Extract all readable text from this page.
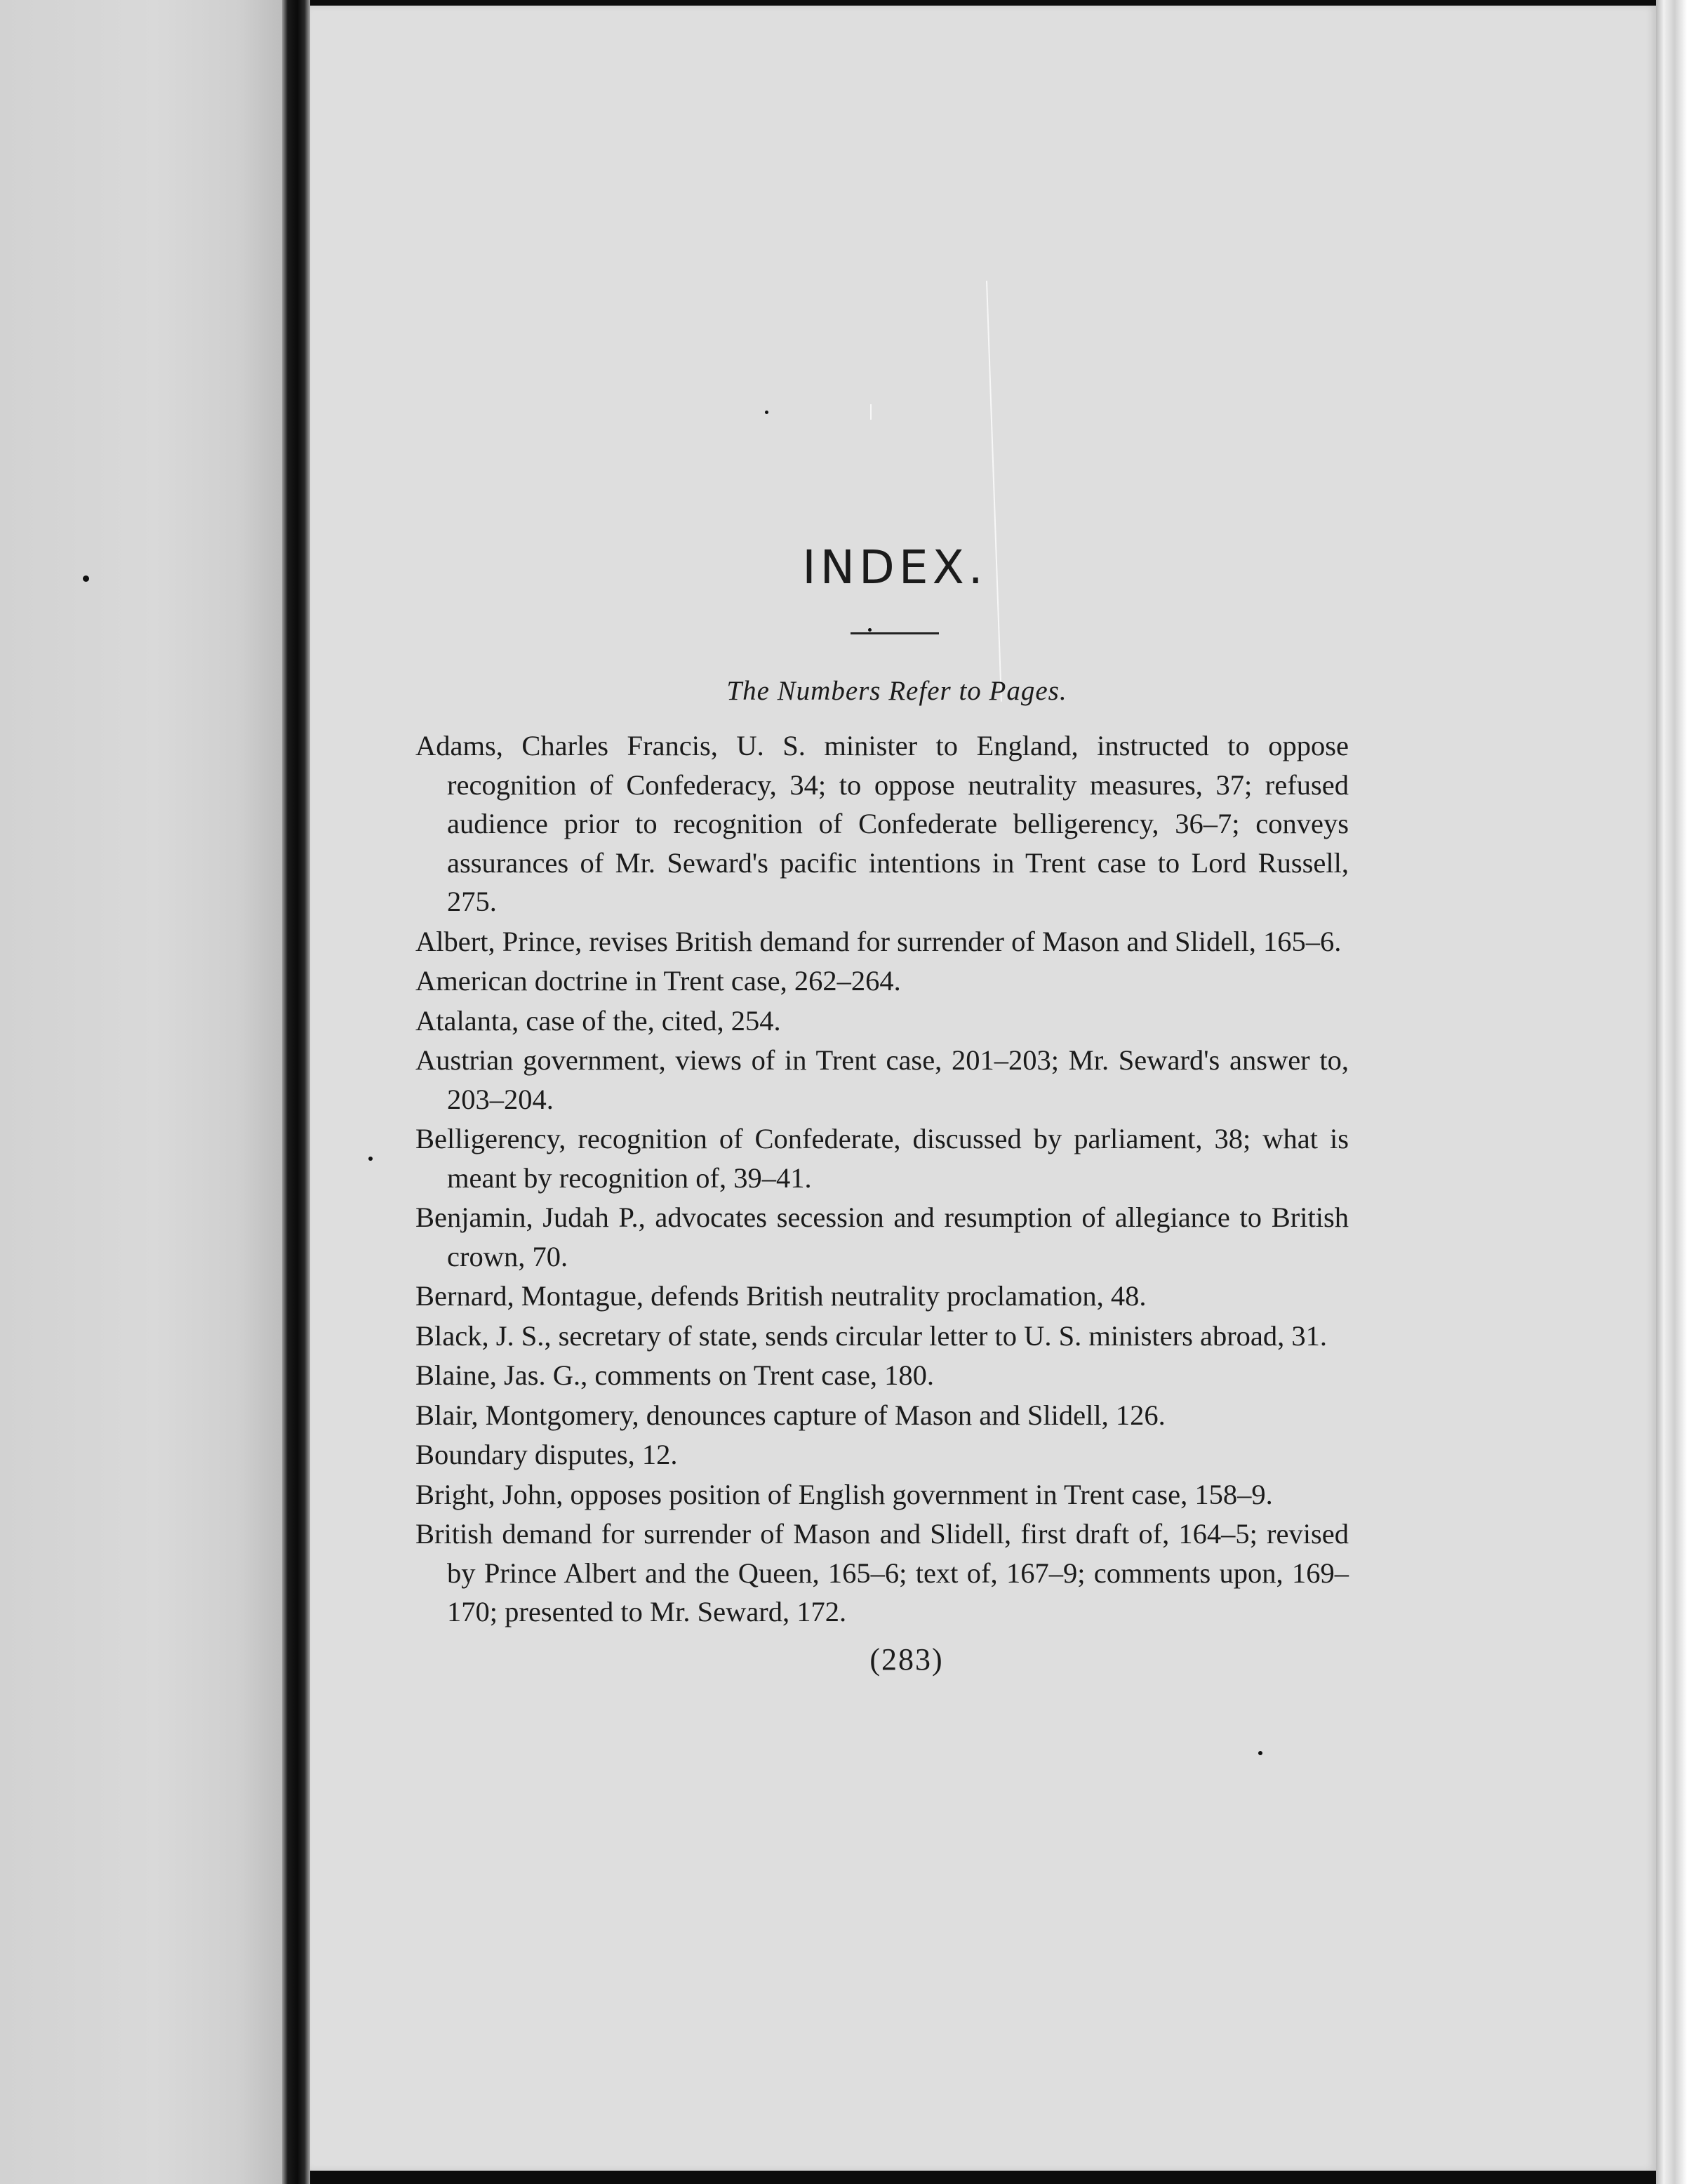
INDEX.
The Numbers Refer to Pages.

Adams, Charles Francis, U. S. minister to England, instructed to oppose recognition of Confederacy, 34; to oppose neutrality measures, 37; refused audience prior to recognition of Confederate belligerency, 36–7; conveys assurances of Mr. Seward's pacific intentions in Trent case to Lord Russell, 275.

Albert, Prince, revises British demand for surrender of Mason and Slidell, 165–6.

American doctrine in Trent case, 262–264.

Atalanta, case of the, cited, 254.

Austrian government, views of in Trent case, 201–203; Mr. Seward's answer to, 203–204.

Belligerency, recognition of Confederate, discussed by parliament, 38; what is meant by recognition of, 39–41.

Benjamin, Judah P., advocates secession and resumption of allegiance to British crown, 70.

Bernard, Montague, defends British neutrality proclamation, 48.

Black, J. S., secretary of state, sends circular letter to U. S. ministers abroad, 31.

Blaine, Jas. G., comments on Trent case, 180.

Blair, Montgomery, denounces capture of Mason and Slidell, 126.

Boundary disputes, 12.

Bright, John, opposes position of English government in Trent case, 158–9.

British demand for surrender of Mason and Slidell, first draft of, 164–5; revised by Prince Albert and the Queen, 165–6; text of, 167–9; comments upon, 169–170; presented to Mr. Seward, 172.

(283)
